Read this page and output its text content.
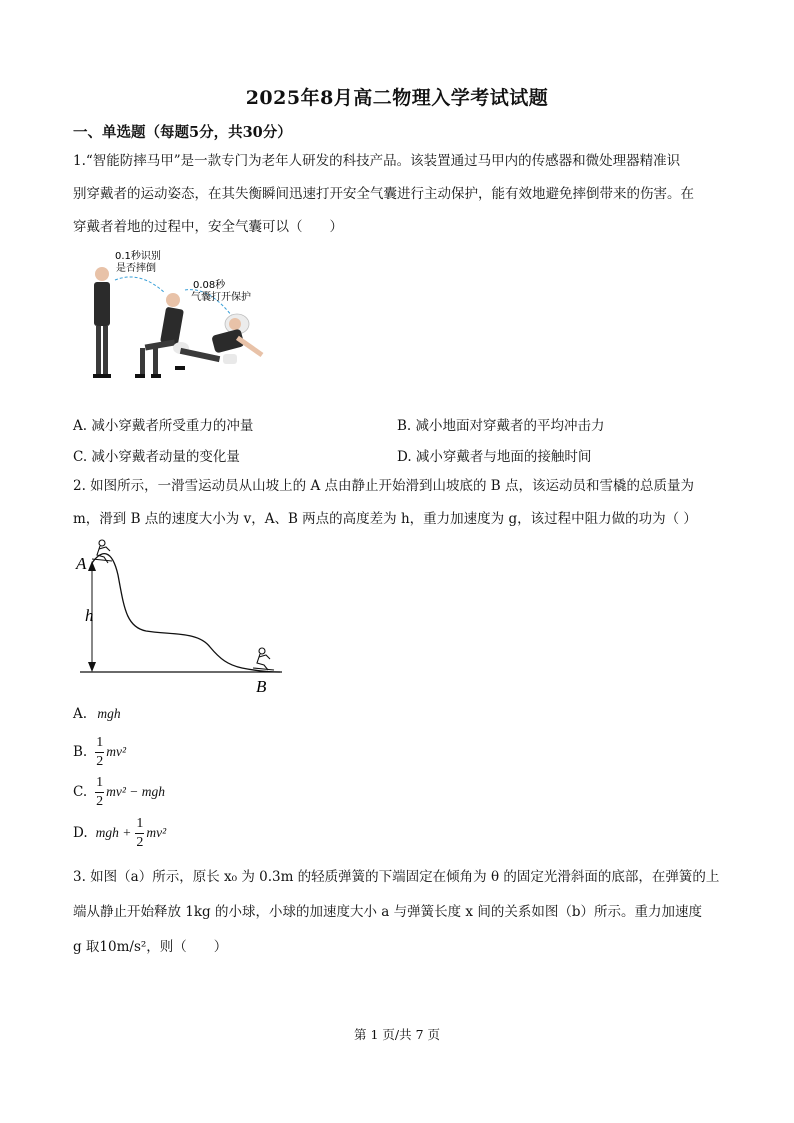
2025年8月高二物理入学考试试题
一、单选题（每题5分，共30分）
1.“智能防摔马甲”是一款专门为老年人研发的科技产品。该装置通过马甲内的传感器和微处理器精准识
别穿戴者的运动姿态，在其失衡瞬间迅速打开安全气囊进行主动保护，能有效地避免摔倒带来的伤害。在
穿戴者着地的过程中，安全气囊可以（　　）
0.1秒识别
是否摔倒
0.08秒
气囊打开保护
A. 减小穿戴者所受重力的冲量	B. 减小地面对穿戴者的平均冲击力
C. 减小穿戴者动量的变化量	D. 减小穿戴者与地面的接触时间
2. 如图所示，一滑雪运动员从山坡上的 A 点由静止开始滑到山坡底的 B 点，该运动员和雪橇的总质量为
m，滑到 B 点的速度大小为 v，A、B 两点的高度差为 h，重力加速度为 g，该过程中阻力做的功为（ ）
A
h
B
A. mgh
B. $\frac{1}{2} mv^2$
C. $\frac{1}{2} mv^2$ − mgh
D. mgh + $\frac{1}{2} mv^2$
3. 如图（a）所示，原长 x₀ 为 0.3m 的轻质弹簧的下端固定在倾角为 θ 的固定光滑斜面的底部，在弹簧的上
端从静止开始释放 1kg 的小球，小球的加速度大小 a 与弹簧长度 x 间的关系如图（b）所示。重力加速度
g 取10m/s²，则（　　）
第 1 页/共 7 页
